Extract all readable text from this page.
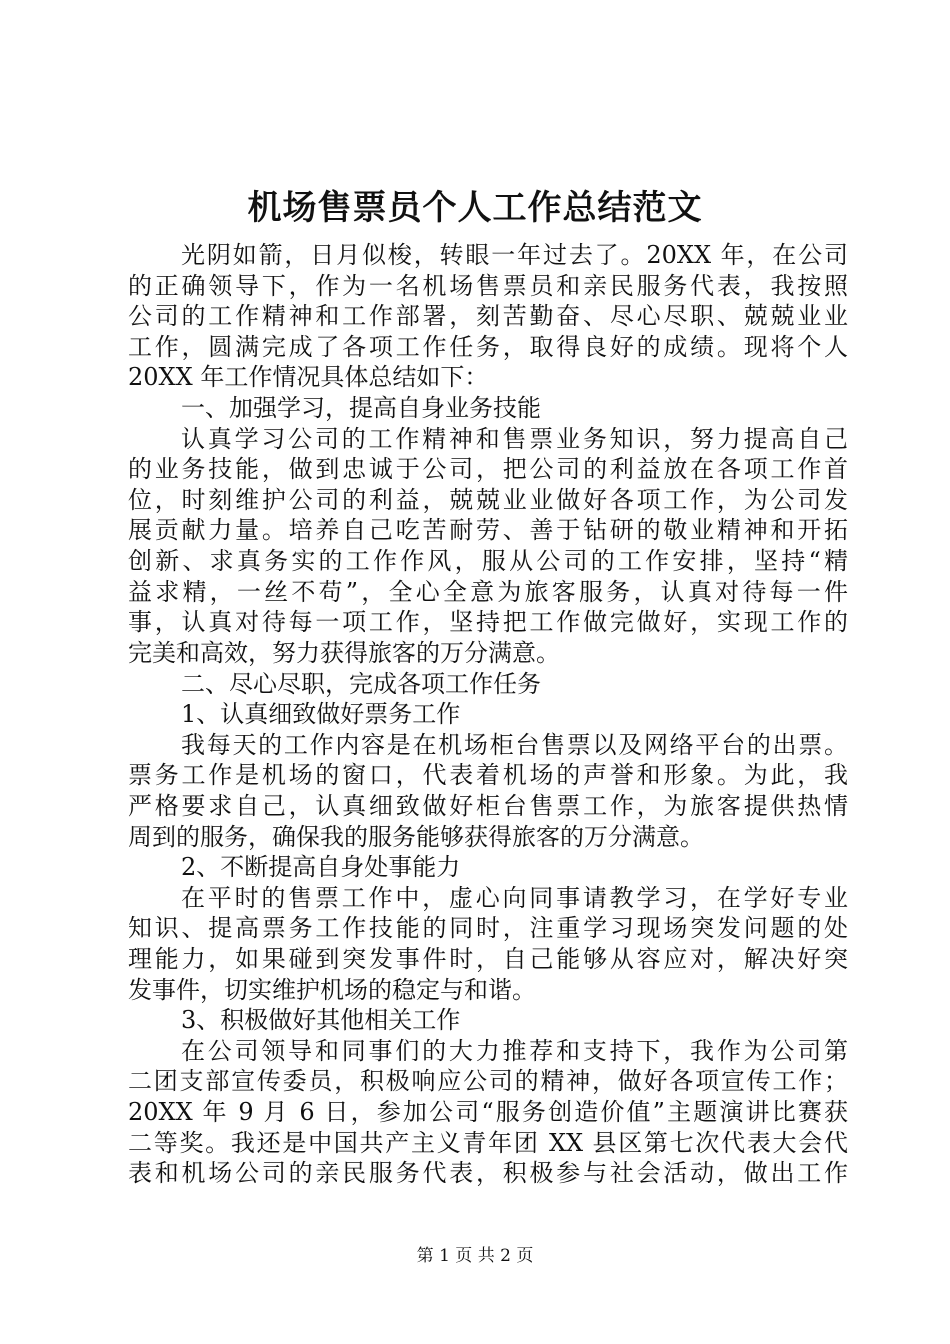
机场售票员个人工作总结范文
光阴如箭，日月似梭，转眼一年过去了。20XX 年，在公司
的正确领导下，作为一名机场售票员和亲民服务代表，我按照
公司的工作精神和工作部署，刻苦勤奋、尽心尽职、兢兢业业
工作，圆满完成了各项工作任务，取得良好的成绩。现将个人
20XX 年工作情况具体总结如下：
一、加强学习，提高自身业务技能
认真学习公司的工作精神和售票业务知识，努力提高自己
的业务技能，做到忠诚于公司，把公司的利益放在各项工作首
位，时刻维护公司的利益，兢兢业业做好各项工作，为公司发
展贡献力量。培养自己吃苦耐劳、善于钻研的敬业精神和开拓
创新、求真务实的工作作风，服从公司的工作安排，坚持“精
益求精，一丝不苟”，全心全意为旅客服务，认真对待每一件
事，认真对待每一项工作，坚持把工作做完做好，实现工作的
完美和高效，努力获得旅客的万分满意。
二、尽心尽职，完成各项工作任务
1、认真细致做好票务工作
我每天的工作内容是在机场柜台售票以及网络平台的出票。
票务工作是机场的窗口，代表着机场的声誉和形象。为此，我
严格要求自己，认真细致做好柜台售票工作，为旅客提供热情
周到的服务，确保我的服务能够获得旅客的万分满意。
2、不断提高自身处事能力
在平时的售票工作中，虚心向同事请教学习，在学好专业
知识、提高票务工作技能的同时，注重学习现场突发问题的处
理能力，如果碰到突发事件时，自己能够从容应对，解决好突
发事件，切实维护机场的稳定与和谐。
3、积极做好其他相关工作
在公司领导和同事们的大力推荐和支持下，我作为公司第
二团支部宣传委员，积极响应公司的精神，做好各项宣传工作；
20XX 年 9 月 6 日，参加公司“服务创造价值”主题演讲比赛获
二等奖。我还是中国共产主义青年团 XX 县区第七次代表大会代
表和机场公司的亲民服务代表，积极参与社会活动，做出工作
第 1 页 共 2 页
